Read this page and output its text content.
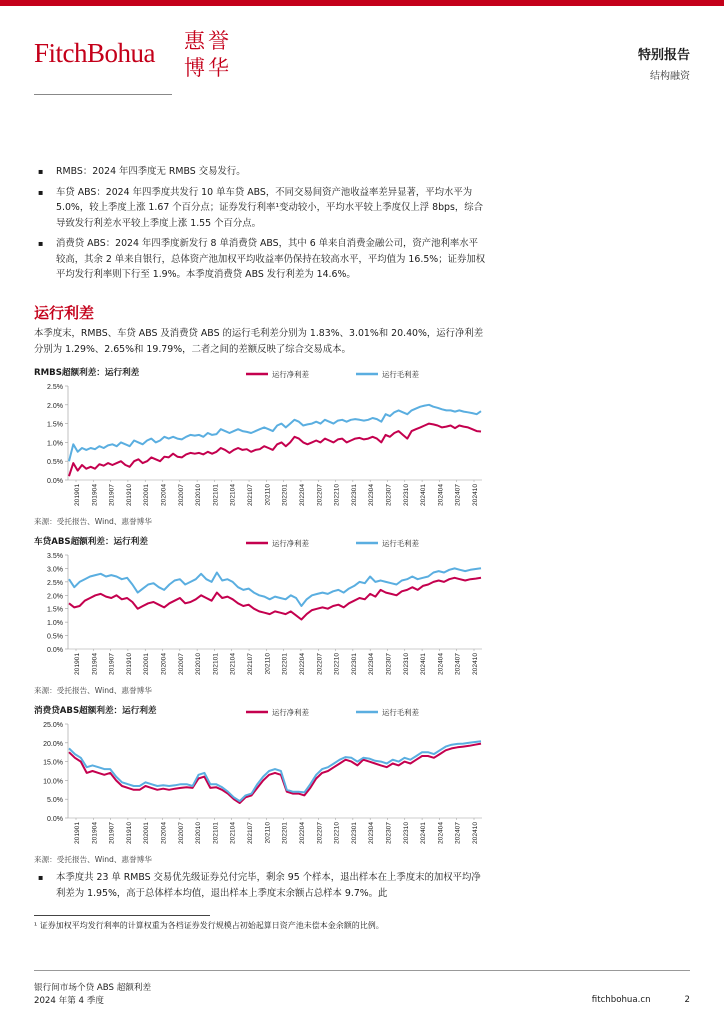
FitchBohua 惠誉博华
特别报告
结构融资
▪ RMBS：2024 年四季度无 RMBS 交易发行。
▪ 车贷 ABS：2024 年四季度共发行 10 单车贷 ABS，不同交易间资产池收益率差异显著，平均水平为 5.0%，较上季度上涨 1.67 个百分点；证券发行利率¹变动较小，平均水平较上季度仅上浮 8bps，综合导致发行利差水平较上季度上涨 1.55 个百分点。
▪ 消费贷 ABS：2024 年四季度新发行 8 单消费贷 ABS，其中 6 单来自消费金融公司，资产池利率水平较高，其余 2 单来自银行，总体资产池加权平均收益率仍保持在较高水平，平均值为 16.5%；证券加权平均发行利率则下行至 1.9%。本季度消费贷 ABS 发行利差为 14.6%。
运行利差
本季度末，RMBS、车贷 ABS 及消费贷 ABS 的运行毛利差分别为 1.83%、3.01%和 20.40%，运行净利差分别为 1.29%、2.65%和 19.79%，二者之间的差额反映了综合交易成本。
0.0%
0.5%
1.0%
1.5%
2.0%
2.5%
201901 201904 201907 201910 202001 202004 202007 202010 202101 202104 202107 202110 202201 202204 202207 202210 202301 202304 202307 202310 202401 202404 202407 202410
运行净利差	运行毛利差
RMBS超额利差：运行利差
来源：受托报告、Wind、惠誉博华
0.0%
0.5%
1.0%
1.5%
2.0%
2.5%
3.0%
3.5%
201901 201904 201907 201910 202001 202004 202007 202010 202101 202104 202107 202110 202201 202204 202207 202210 202301 202304 202307 202310 202401 202404 202407 202410
运行净利差	运行毛利差
车贷ABS超额利差：运行利差
来源：受托报告、Wind、惠誉博华
0.0%
5.0%
10.0%
15.0%
20.0%
25.0%
201901 201904 201907 201910 202001 202004 202007 202010 202101 202104 202107 202110 202201 202204 202207 202210 202301 202304 202307 202310 202401 202404 202407 202410
运行净利差	运行毛利差
消费贷ABS超额利差：运行利差
来源：受托报告、Wind、惠誉博华
▪ 本季度共 23 单 RMBS 交易优先级证券兑付完毕，剩余 95 个样本，退出样本在上季度末的加权平均净利差为 1.95%，高于总体样本均值，退出样本上季度末余额占总样本 9.7%。此
¹ 证券加权平均发行利率的计算权重为各档证券发行规模占初始起算日资产池未偿本金余额的比例。
银行间市场个贷 ABS 超额利差
2024 年第 4 季度	fitchbohua.cn	2
